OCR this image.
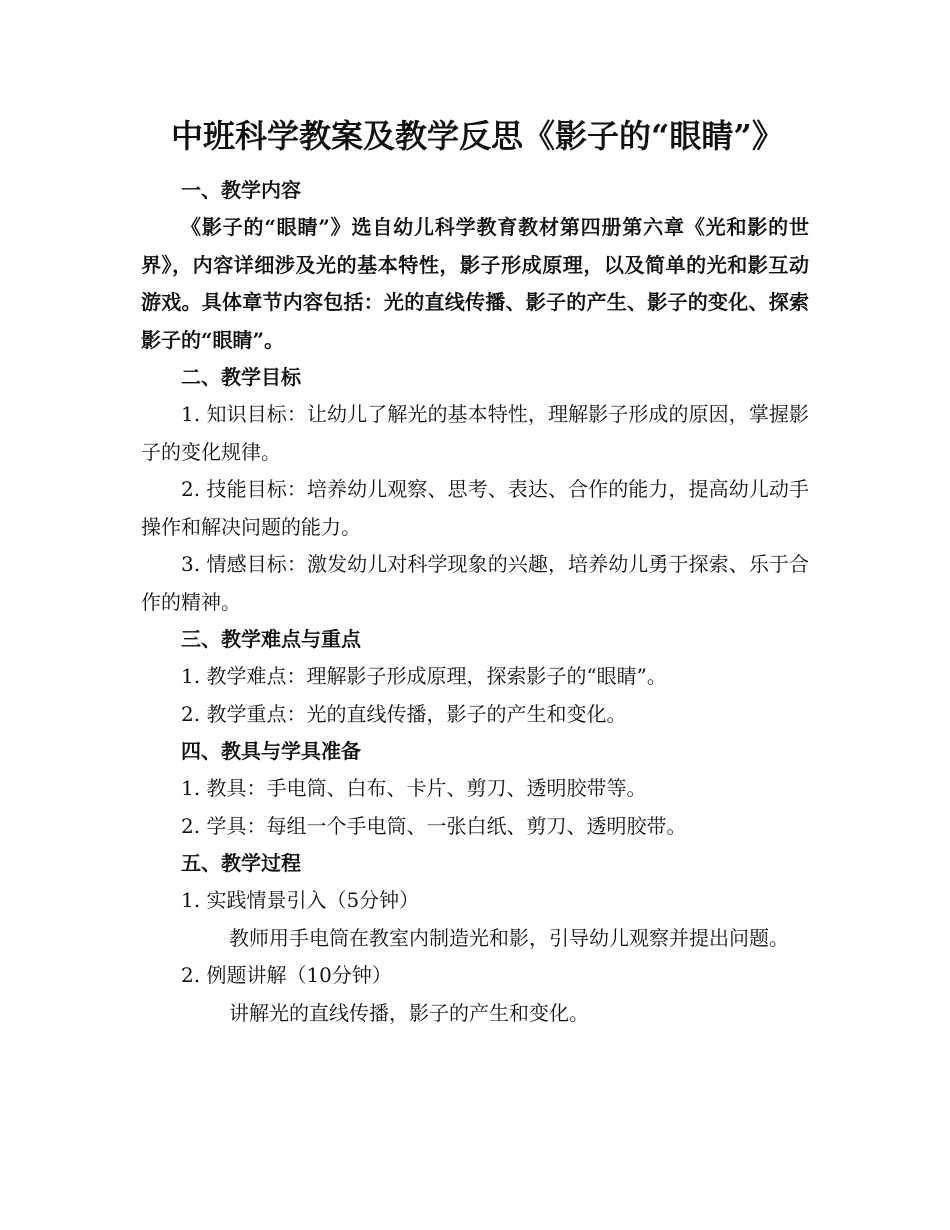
中班科学教案及教学反思《影子的“眼睛”》

一、教学内容

《影子的“眼睛”》选自幼儿科学教育教材第四册第六章《光和影的世界》，内容详细涉及光的基本特性，影子形成原理，以及简单的光和影互动游戏。具体章节内容包括：光的直线传播、影子的产生、影子的变化、探索影子的“眼睛”。

二、教学目标

1. 知识目标：让幼儿了解光的基本特性，理解影子形成的原因，掌握影子的变化规律。

2. 技能目标：培养幼儿观察、思考、表达、合作的能力，提高幼儿动手操作和解决问题的能力。

3. 情感目标：激发幼儿对科学现象的兴趣，培养幼儿勇于探索、乐于合作的精神。

三、教学难点与重点

1. 教学难点：理解影子形成原理，探索影子的“眼睛”。

2. 教学重点：光的直线传播，影子的产生和变化。

四、教具与学具准备

1. 教具：手电筒、白布、卡片、剪刀、透明胶带等。

2. 学具：每组一个手电筒、一张白纸、剪刀、透明胶带。

五、教学过程

1. 实践情景引入（5分钟）

教师用手电筒在教室内制造光和影，引导幼儿观察并提出问题。

2. 例题讲解（10分钟）

讲解光的直线传播，影子的产生和变化。
